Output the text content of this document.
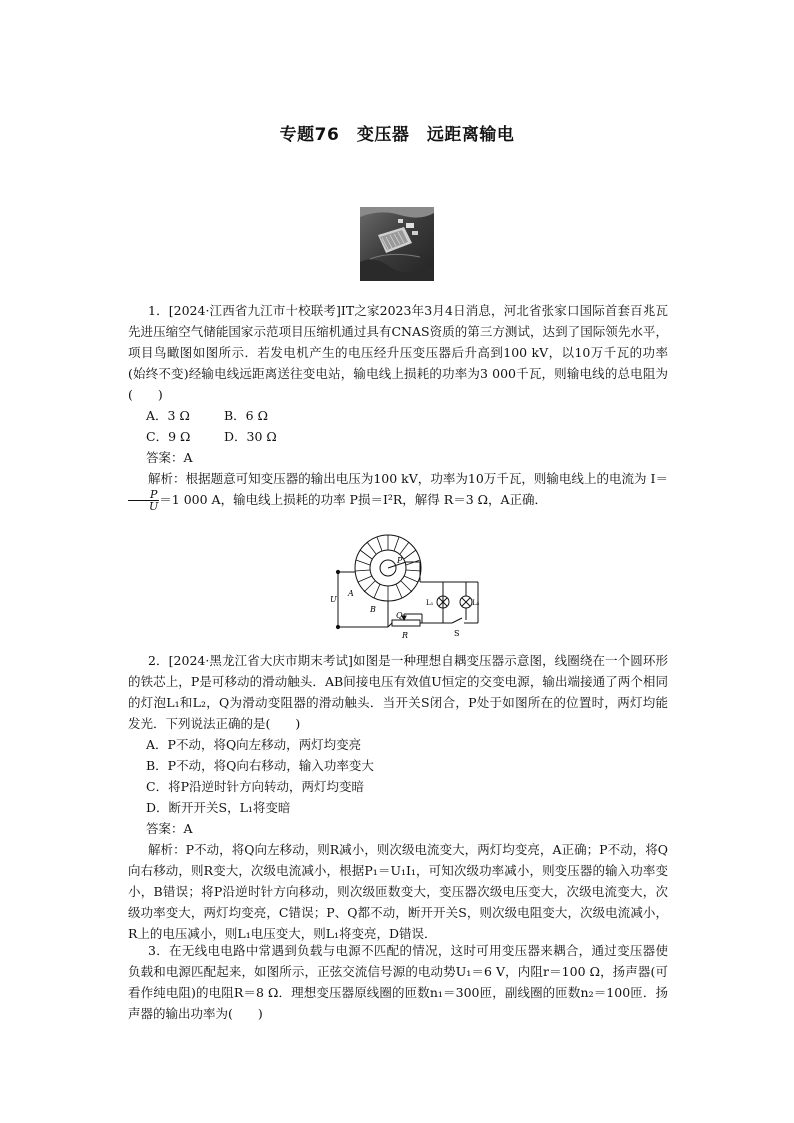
专题76　变压器　远距离输电

1．[2024·江西省九江市十校联考]IT之家2023年3月4日消息，河北省张家口国际首套百兆瓦先进压缩空气储能国家示范项目压缩机通过具有CNAS资质的第三方测试，达到了国际领先水平，项目鸟瞰图如图所示．若发电机产生的电压经升压变压器后升高到100 kV，以10万千瓦的功率(始终不变)经输电线远距离送往变电站，输电线上损耗的功率为3 000千瓦，则输电线的总电阻为(　　)

A．3 Ω	B．6 Ω
C．9 Ω	D．30 Ω

答案：A

解析：根据题意可知变压器的输出电压为100 kV，功率为10万千瓦，则输电线上的电流为 I＝
$\frac{P}{U} =1$ 000 A，输电线上损耗的功率 P损＝I²R，解得 R＝3 Ω，A正确．

P
U
A
B
Q
R	S
L₁	L₂

2．[2024·黑龙江省大庆市期末考试]如图是一种理想自耦变压器示意图，线圈绕在一个圆环形的铁芯上，P是可移动的滑动触头．AB间接电压有效值U恒定的交变电源，输出端接通了两个相同的灯泡L₁和L₂，Q为滑动变阻器的滑动触头．当开关S闭合，P处于如图所在的位置时，两灯均能发光．下列说法正确的是(　　)

A．P不动，将Q向左移动，两灯均变亮

B．P不动，将Q向右移动，输入功率变大

C．将P沿逆时针方向转动，两灯均变暗

D．断开开关S，L₁将变暗

答案：A

解析：P不动，将Q向左移动，则R减小，则次级电流变大，两灯均变亮，A正确；P不动，将Q向右移动，则R变大，次级电流减小，根据P₁＝U₁I₁，可知次级功率减小，则变压器的输入功率变小，B错误；将P沿逆时针方向移动，则次级匝数变大，变压器次级电压变大，次级电流变大，次级功率变大，两灯均变亮，C错误；P、Q都不动，断开开关S，则次级电阻变大，次级电流减小，R上的电压减小，则L₁电压变大，则L₁将变亮，D错误．

3．在无线电电路中常遇到负载与电源不匹配的情况，这时可用变压器来耦合，通过变压器使负载和电源匹配起来，如图所示，正弦交流信号源的电动势U₁＝6 V，内阻r＝100 Ω，扬声器(可看作纯电阻)的电阻R＝8 Ω．理想变压器原线圈的匝数n₁＝300匝，副线圈的匝数n₂＝100匝．扬声器的输出功率为(　　)
